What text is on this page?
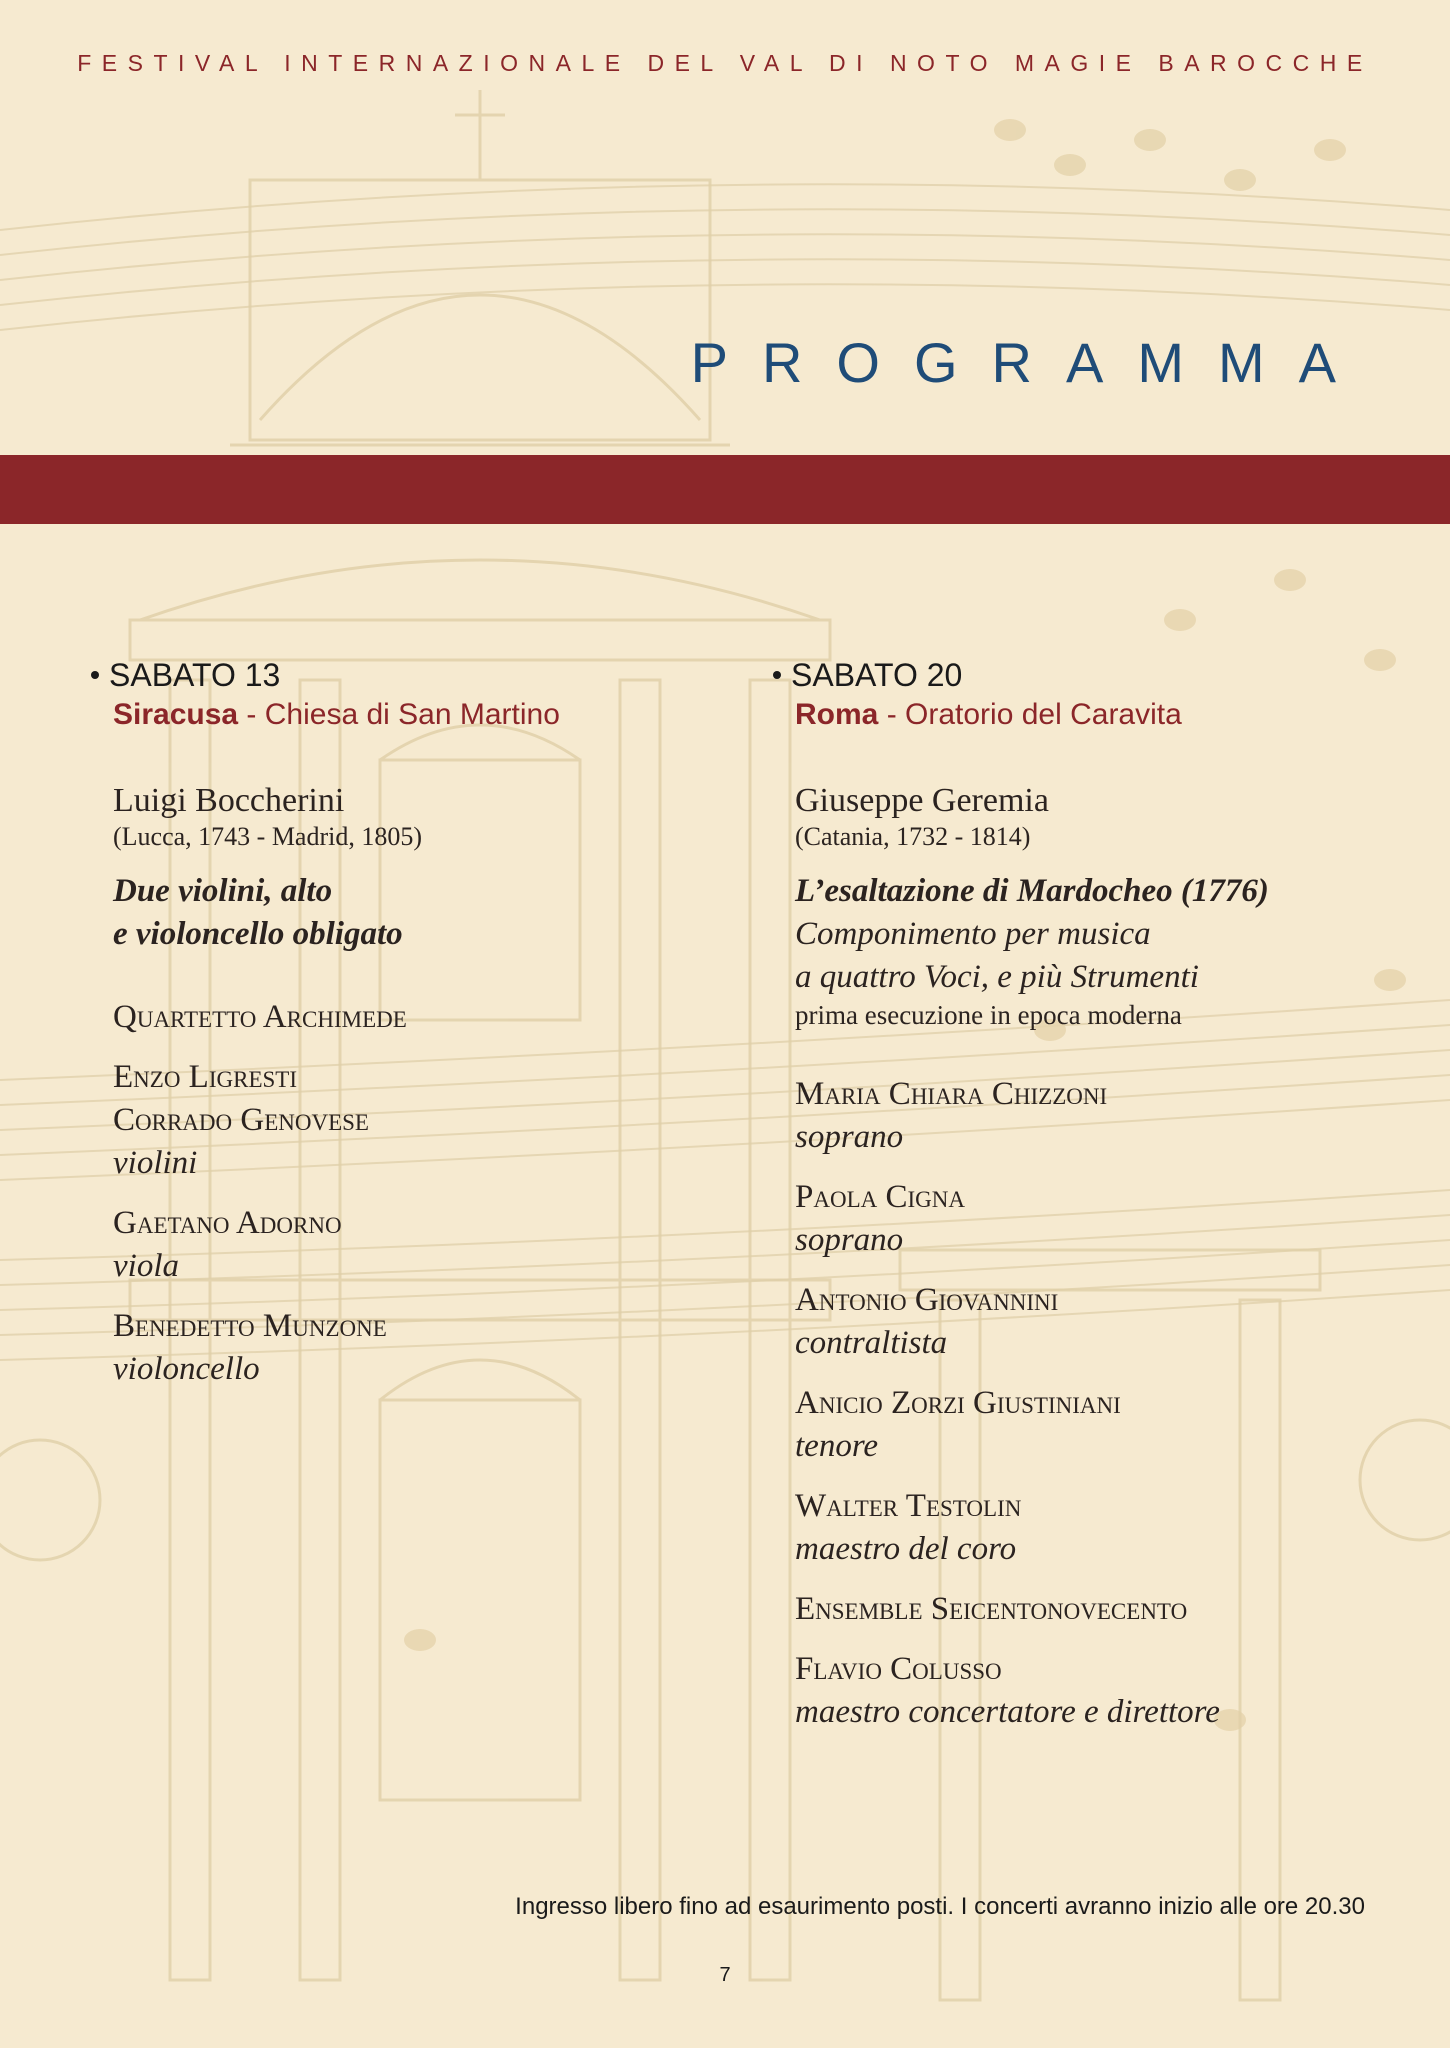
FESTIVAL INTERNAZIONALE DEL VAL DI NOTO MAGIE BAROCCHE
PROGRAMMA
SABATO 13
Siracusa - Chiesa di San Martino
Luigi Boccherini
(Lucca, 1743 - Madrid, 1805)
Due violini, alto
e violoncello obligato
Quartetto Archimede
Enzo Ligresti
Corrado Genovese
violini
Gaetano Adorno
viola
Benedetto Munzone
violoncello
SABATO 20
Roma - Oratorio del Caravita
Giuseppe Geremia
(Catania, 1732 - 1814)
L’esaltazione di Mardocheo (1776)
Componimento per musica
a quattro Voci, e più Strumenti
prima esecuzione in epoca moderna
Maria Chiara Chizzoni
soprano
Paola Cigna
soprano
Antonio Giovannini
contraltista
Anicio Zorzi Giustiniani
tenore
Walter Testolin
maestro del coro
Ensemble Seicentonovecento
Flavio Colusso
maestro concertatore e direttore
Ingresso libero fino ad esaurimento posti. I concerti avranno inizio alle ore 20.30
7
